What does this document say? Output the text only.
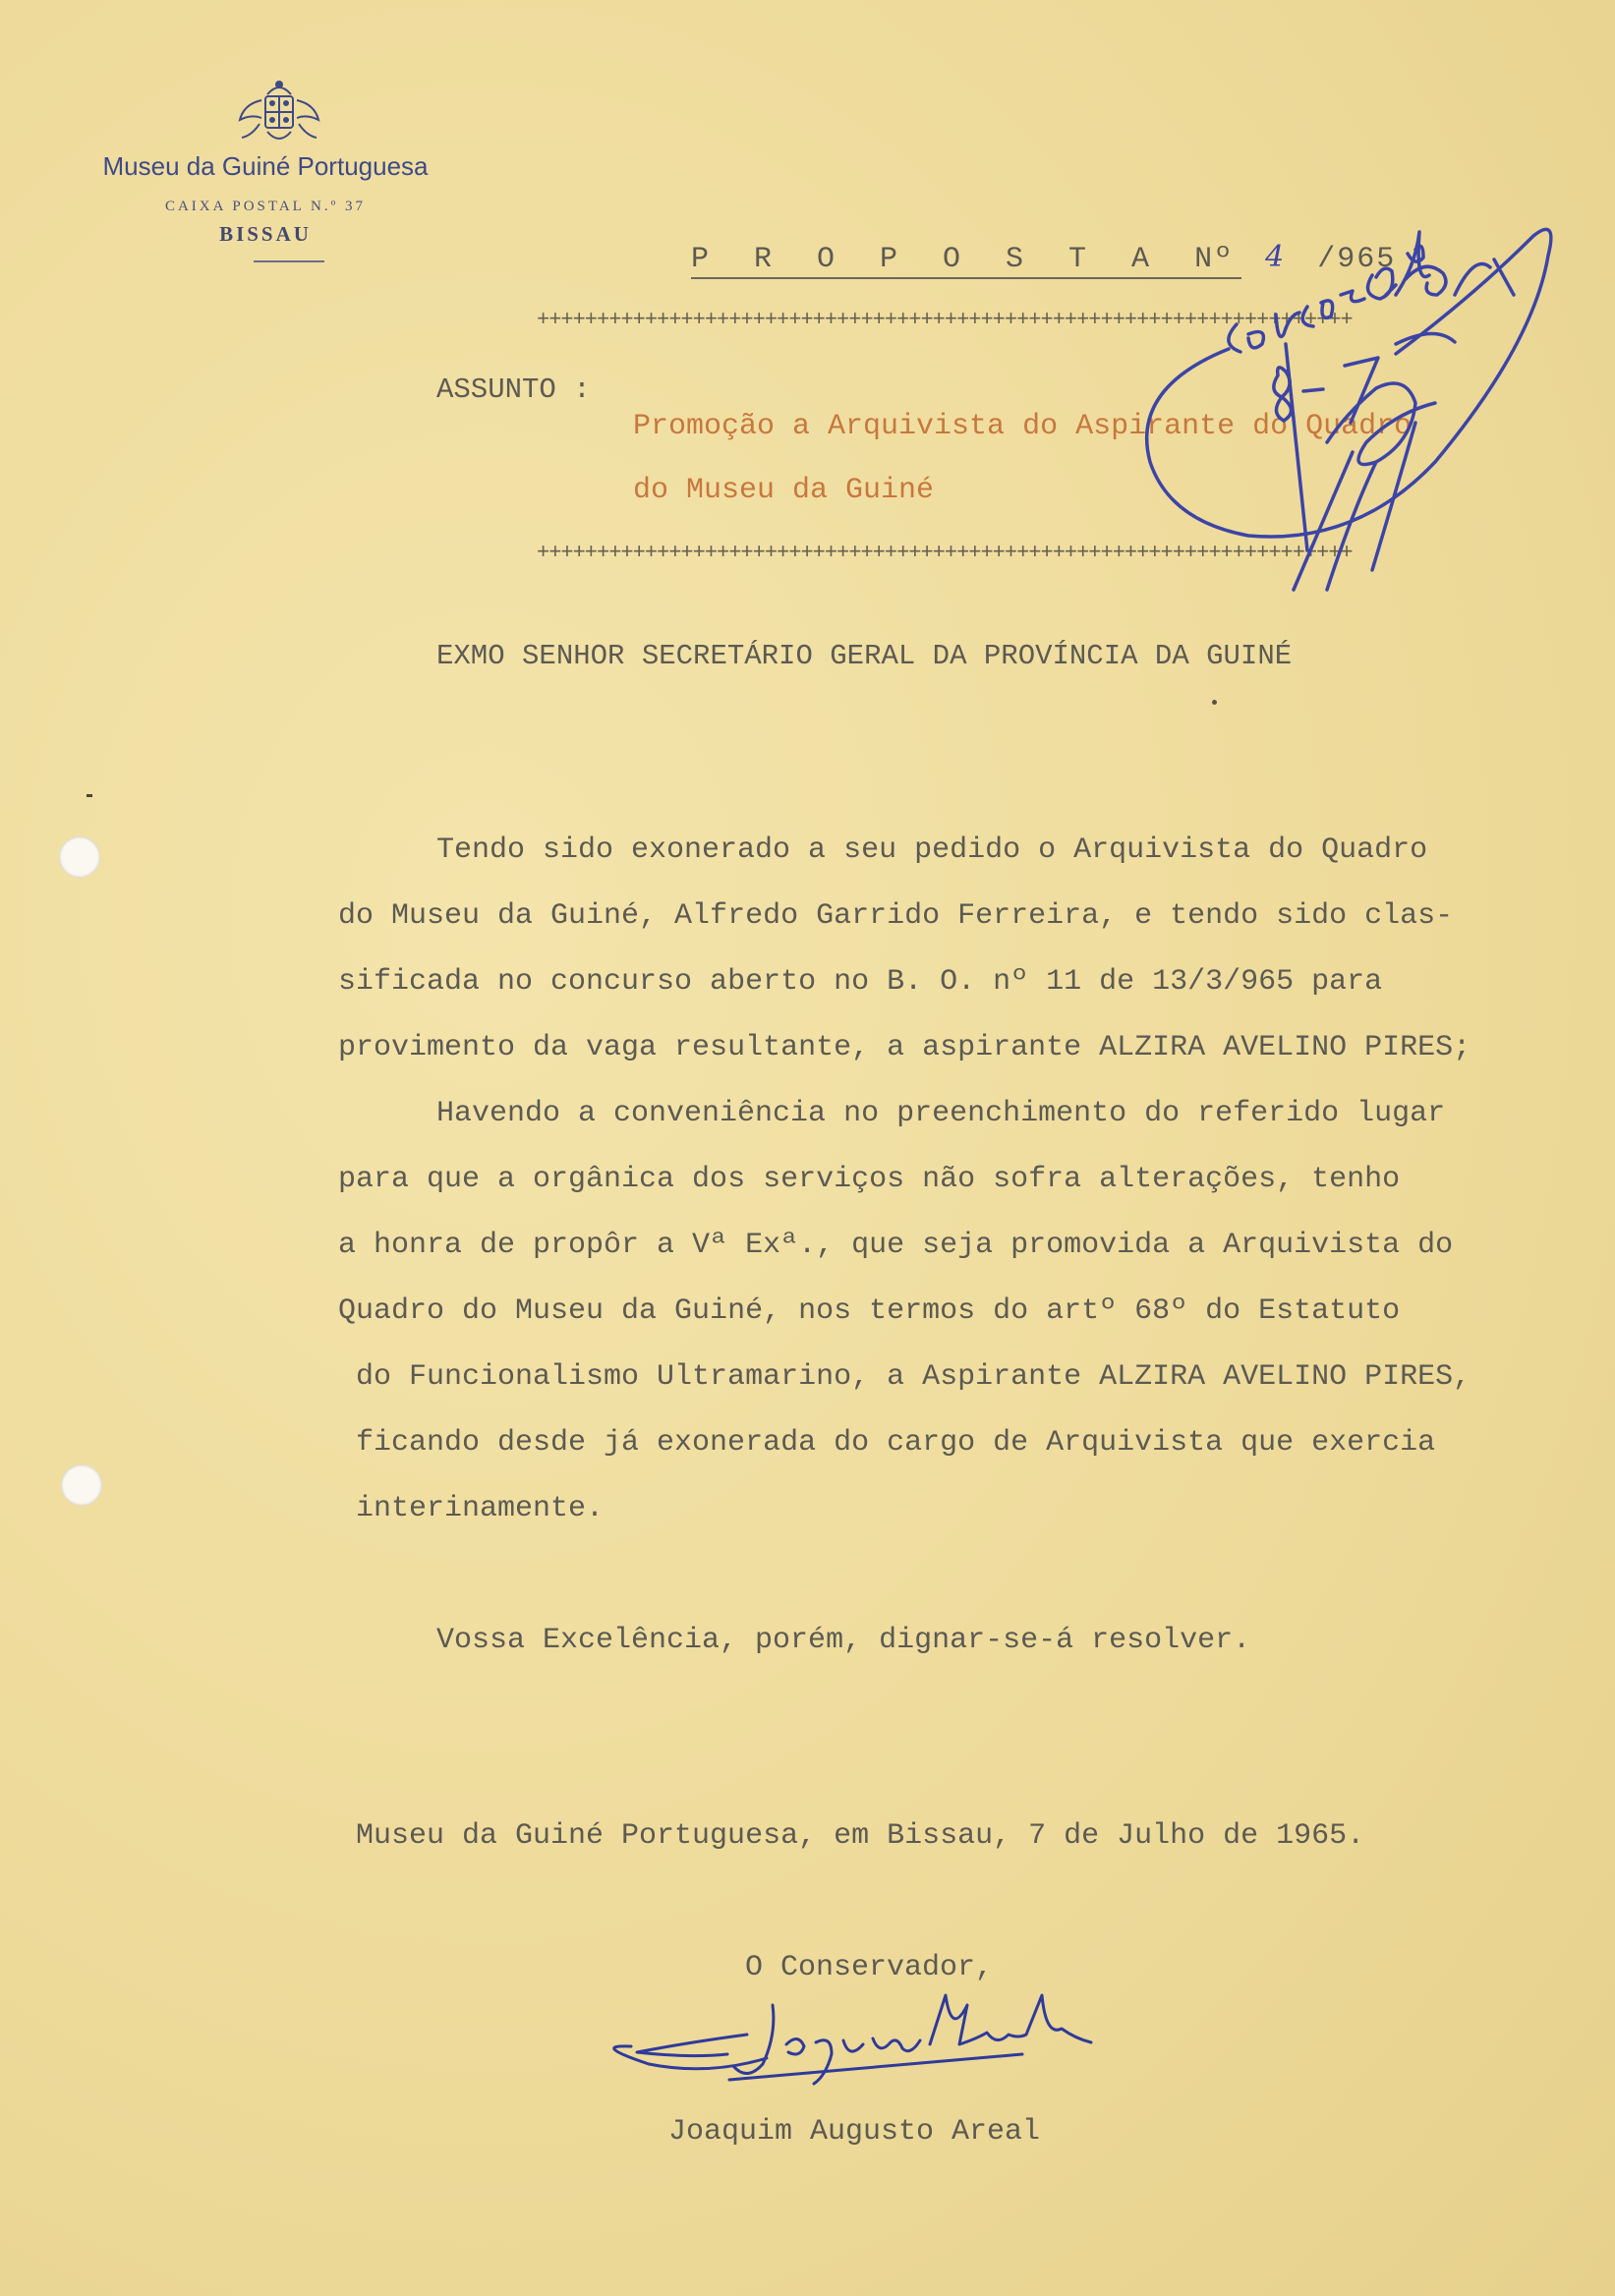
Museu da Guiné Portuguesa
CAIXA POSTAL N.º 37
BISSAU
P R O P O S T A Nº 4 /965
++++++++++++++++++++++++++++++++++++++++++++++++++++++++++++++++++++
ASSUNTO :
Promoção a Arquivista do Aspirante do Quadro
do Museu da Guiné
++++++++++++++++++++++++++++++++++++++++++++++++++++++++++++++++++++
EXMO SENHOR SECRETÁRIO GERAL DA PROVÍNCIA DA GUINÉ
Tendo sido exonerado a seu pedido o Arquivista do Quadro
do Museu da Guiné, Alfredo Garrido Ferreira, e tendo sido clas-
sificada no concurso aberto no B. O. nº 11 de 13/3/965 para
provimento da vaga resultante, a aspirante ALZIRA AVELINO PIRES;
Havendo a conveniência no preenchimento do referido lugar
para que a orgânica dos serviços não sofra alterações, tenho
a honra de propôr a Vª Exª., que seja promovida a Arquivista do
Quadro do Museu da Guiné, nos termos do artº 68º do Estatuto
do Funcionalismo Ultramarino, a Aspirante ALZIRA AVELINO PIRES,
ficando desde já exonerada do cargo de Arquivista que exercia
interinamente.
Vossa Excelência, porém, dignar-se-á resolver.
Museu da Guiné Portuguesa, em Bissau, 7 de Julho de 1965.
O Conservador,
Joaquim Augusto Areal
